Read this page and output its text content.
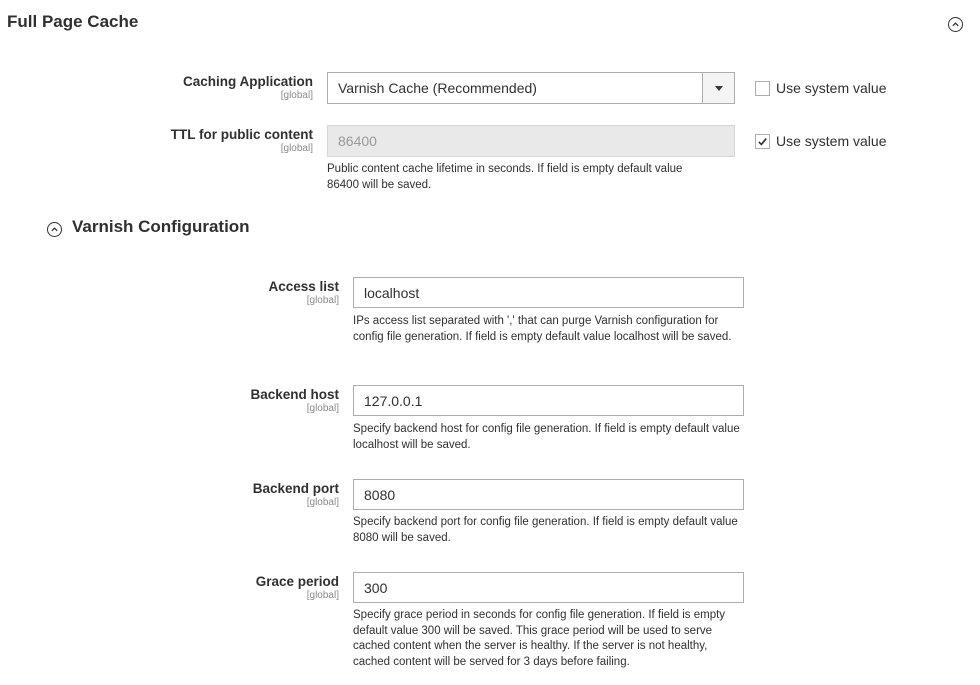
Full Page Cache
Caching Application
[global] Varnish Cache (Recommended)	Use system value
TTL for public content
[global] 86400	Use system value
Public content cache lifetime in seconds. If field is empty default value 86400 will be saved.
Varnish Configuration
Access list
[global] localhost
IPs access list separated with ',' that can purge Varnish configuration for config file generation. If field is empty default value localhost will be saved.
Backend host
[global] 127.0.0.1
Specify backend host for config file generation. If field is empty default value localhost will be saved.
Backend port
[global] 8080
Specify backend port for config file generation. If field is empty default value 8080 will be saved.
Grace period
[global] 300
Specify grace period in seconds for config file generation. If field is empty default value 300 will be saved. This grace period will be used to serve cached content when the server is healthy. If the server is not healthy, cached content will be served for 3 days before failing.
